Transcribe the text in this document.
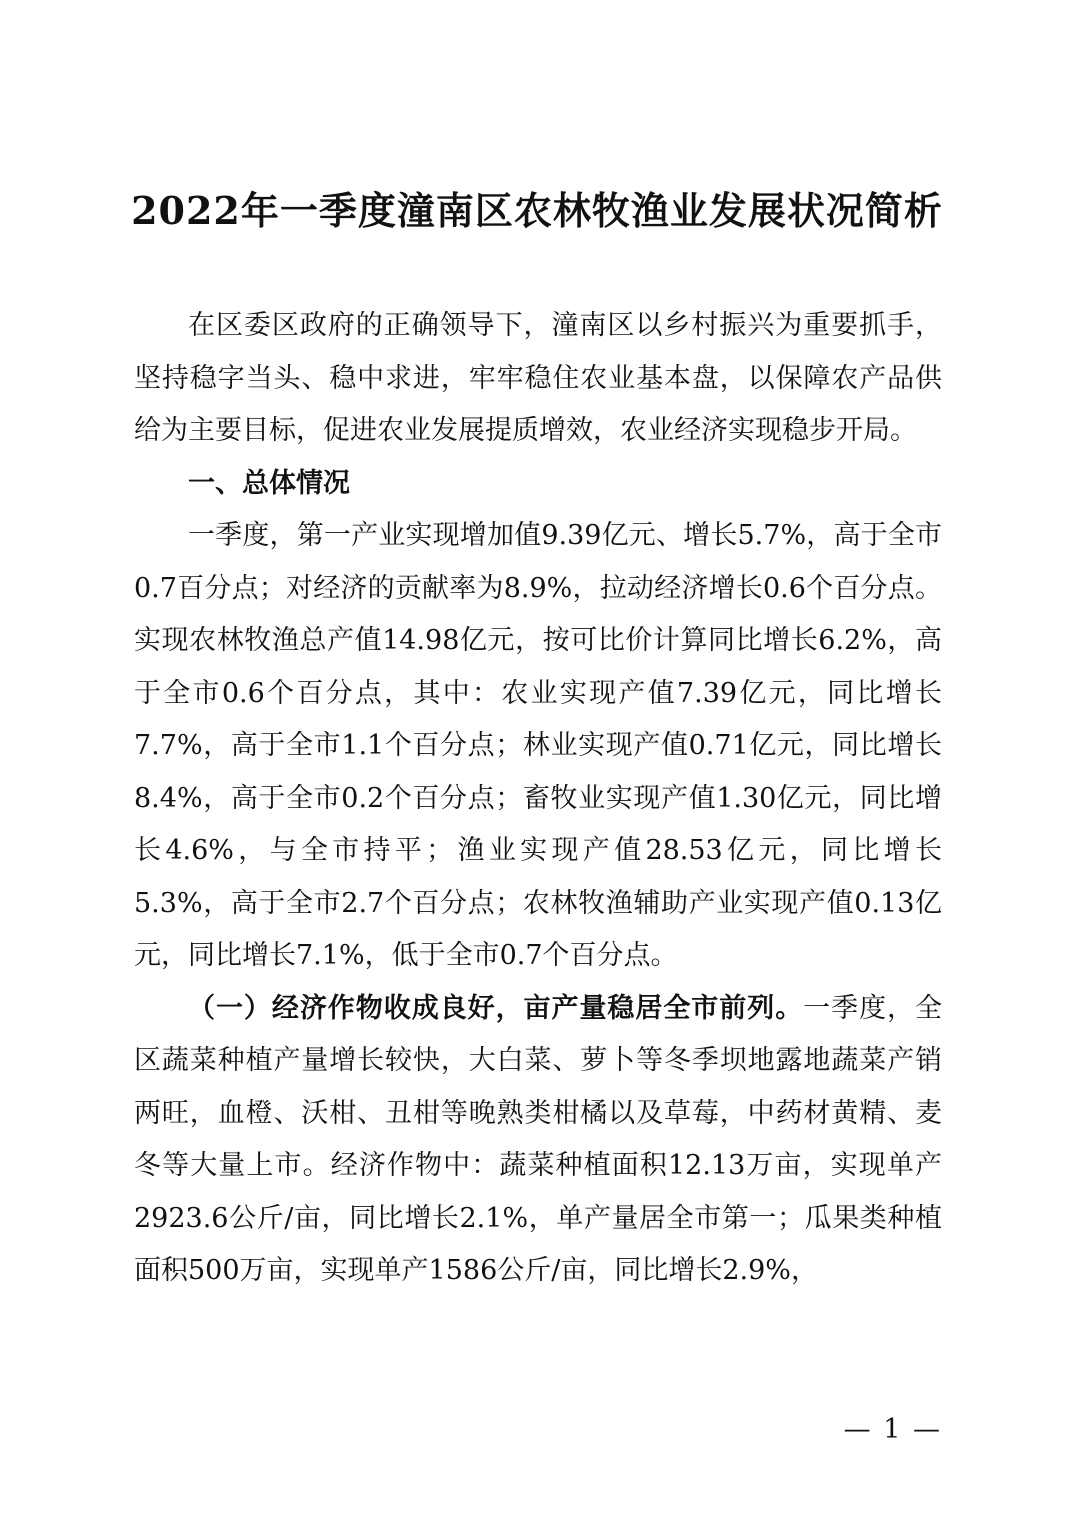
2022年一季度潼南区农林牧渔业发展状况简析

在区委区政府的正确领导下，潼南区以乡村振兴为重要抓手，坚持稳字当头、稳中求进，牢牢稳住农业基本盘，以保障农产品供给为主要目标，促进农业发展提质增效，农业经济实现稳步开局。

一、总体情况

一季度，第一产业实现增加值9.39亿元、增长5.7%，高于全市0.7百分点；对经济的贡献率为8.9%，拉动经济增长0.6个百分点。实现农林牧渔总产值14.98亿元，按可比价计算同比增长6.2%，高于全市0.6个百分点，其中：农业实现产值7.39亿元，同比增长7.7%，高于全市1.1个百分点；林业实现产值0.71亿元，同比增长8.4%，高于全市0.2个百分点；畜牧业实现产值1.30亿元，同比增长4.6%，与全市持平；渔业实现产值28.53亿元，同比增长5.3%，高于全市2.7个百分点；农林牧渔辅助产业实现产值0.13亿元，同比增长7.1%，低于全市0.7个百分点。

（一）经济作物收成良好，亩产量稳居全市前列。一季度，全区蔬菜种植产量增长较快，大白菜、萝卜等冬季坝地露地蔬菜产销两旺，血橙、沃柑、丑柑等晚熟类柑橘以及草莓，中药材黄精、麦冬等大量上市。经济作物中：蔬菜种植面积12.13万亩，实现单产2923.6公斤/亩，同比增长2.1%，单产量居全市第一；瓜果类种植面积500万亩，实现单产1586公斤/亩，同比增长2.9%，

— 1 —
